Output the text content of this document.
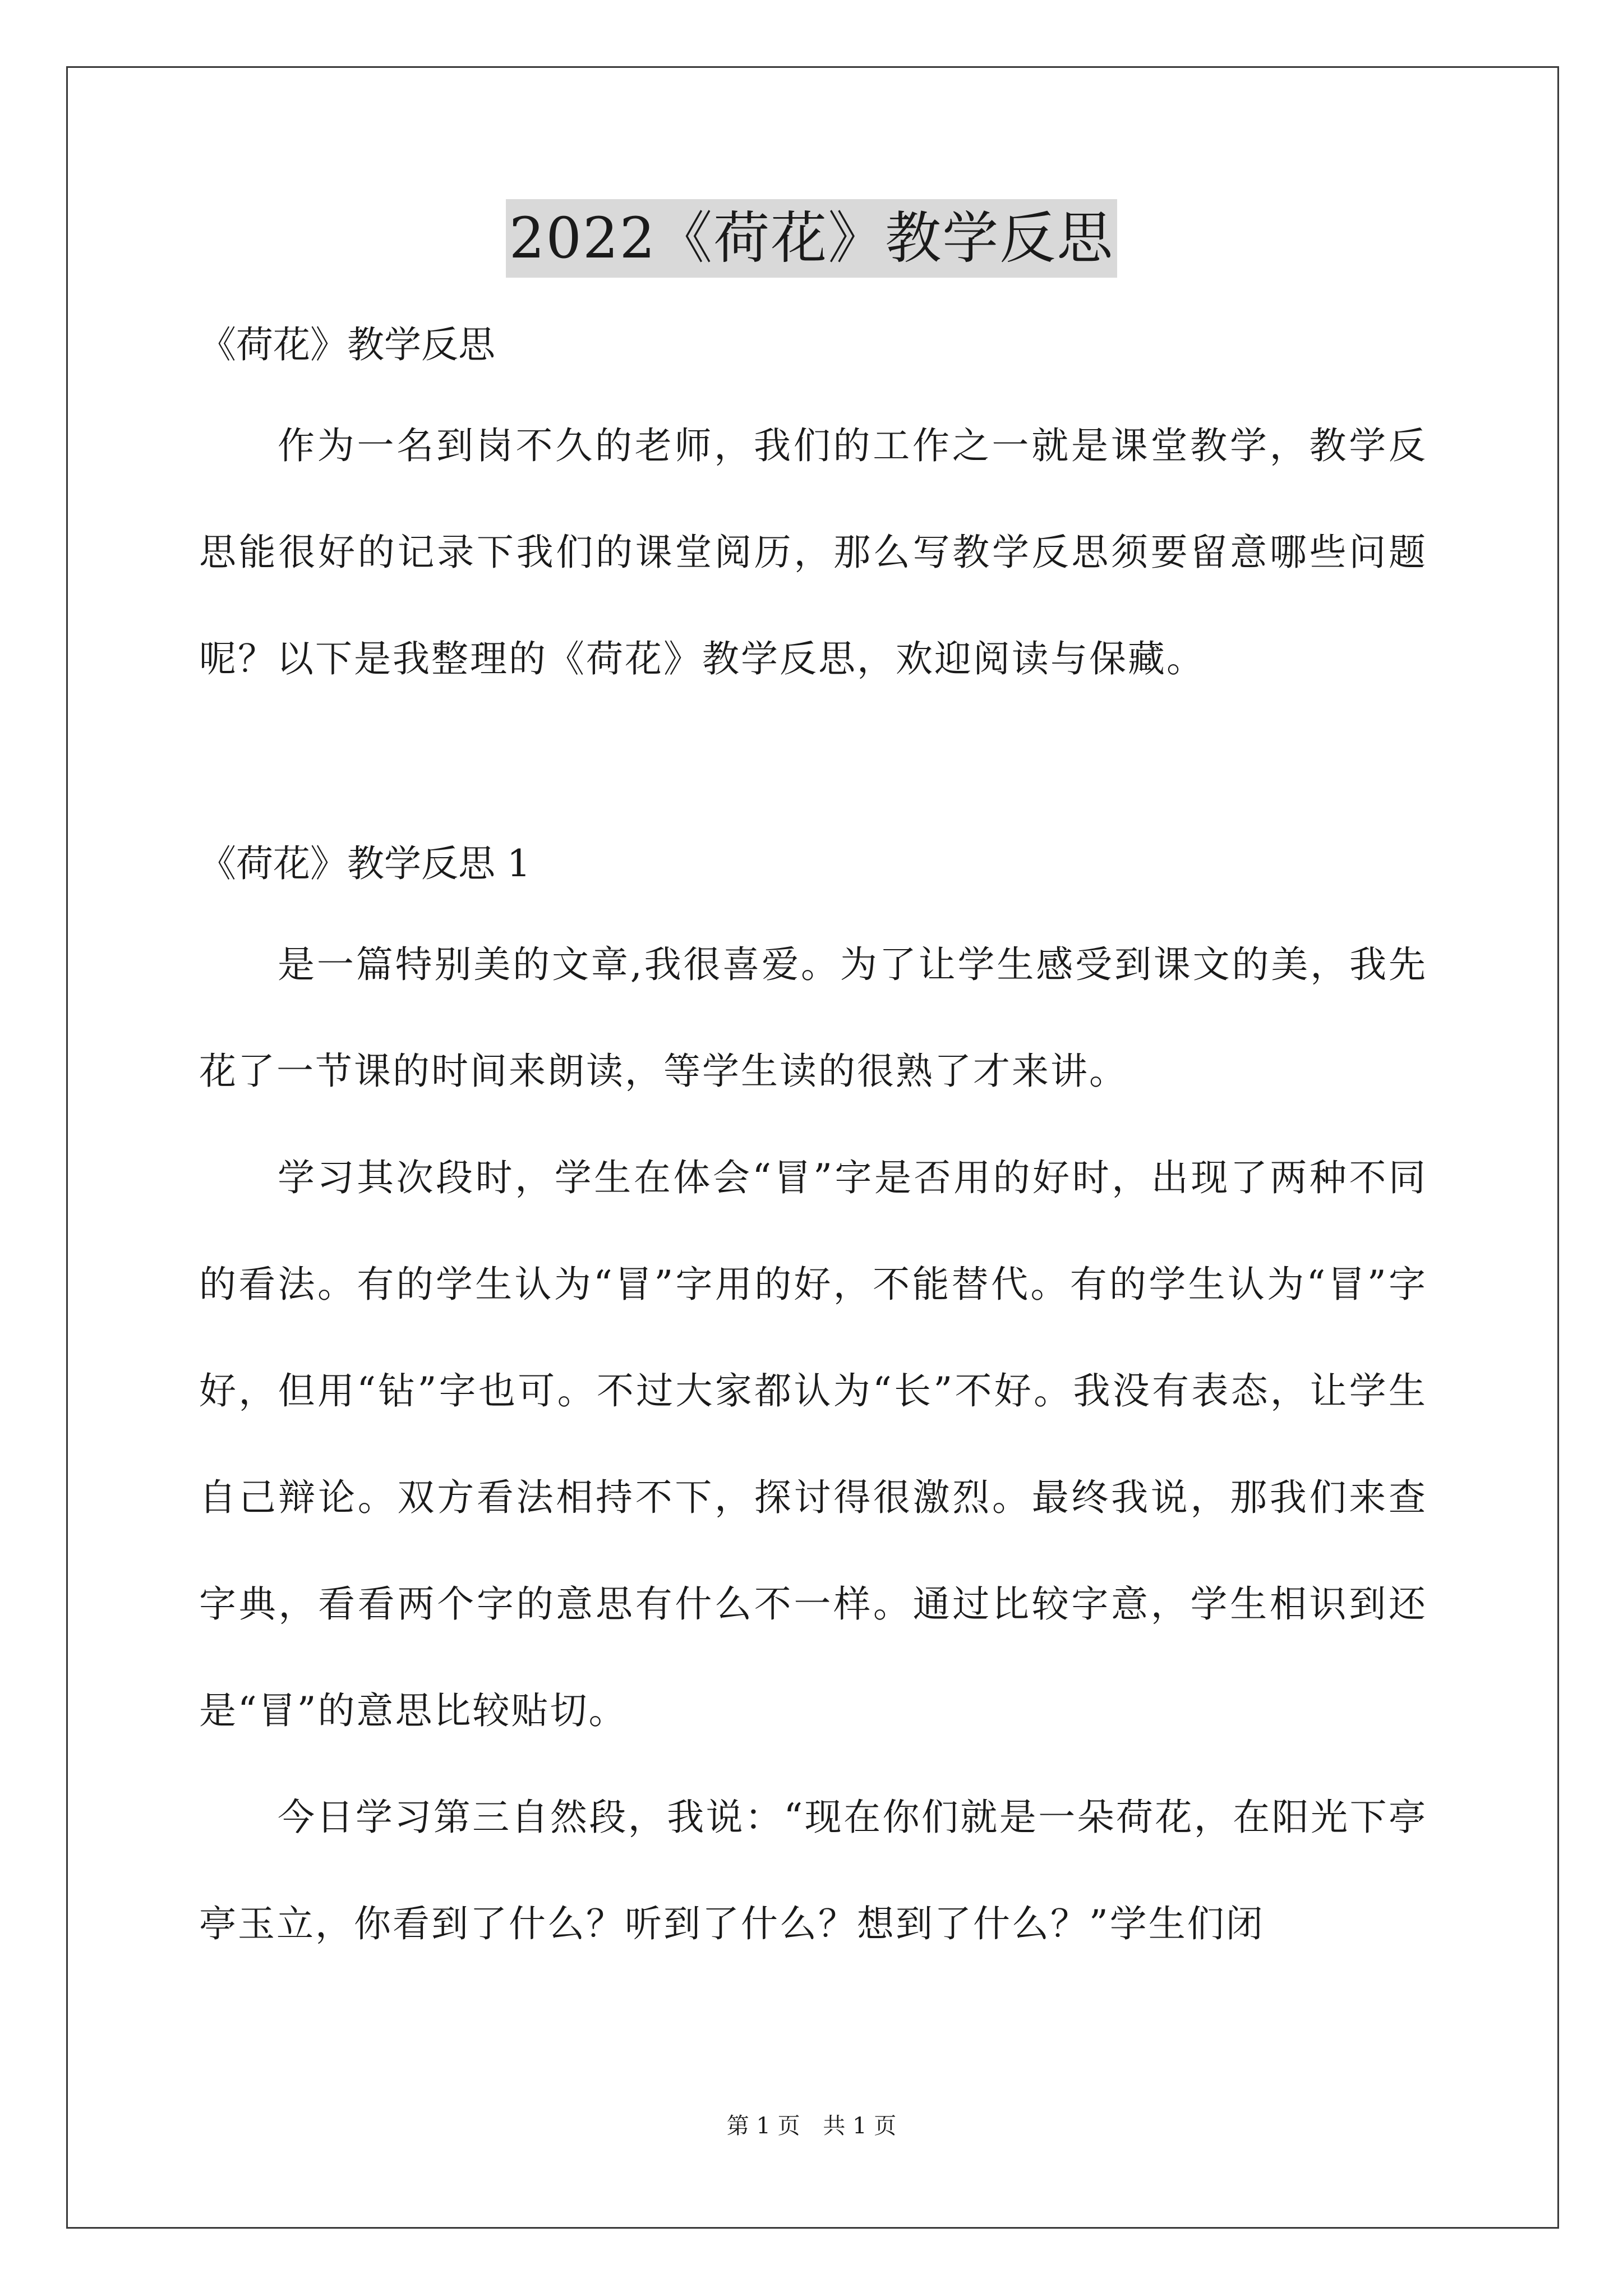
2022《荷花》教学反思

《荷花》教学反思

作为一名到岗不久的老师，我们的工作之一就是课堂教学，教学反思能很好的记录下我们的课堂阅历，那么写教学反思须要留意哪些问题呢？以下是我整理的《荷花》教学反思，欢迎阅读与保藏。

《荷花》教学反思 1

是一篇特别美的文章,我很喜爱。为了让学生感受到课文的美，我先花了一节课的时间来朗读，等学生读的很熟了才来讲。

学习其次段时，学生在体会“冒”字是否用的好时，出现了两种不同的看法。有的学生认为“冒”字用的好，不能替代。有的学生认为“冒”字好，但用“钻”字也可。不过大家都认为“长”不好。我没有表态，让学生自己辩论。双方看法相持不下，探讨得很激烈。最终我说，那我们来查字典，看看两个字的意思有什么不一样。通过比较字意，学生相识到还是“冒”的意思比较贴切。

今日学习第三自然段，我说：“现在你们就是一朵荷花，在阳光下亭亭玉立，你看到了什么？听到了什么？想到了什么？”学生们闭

第 1 页 共 1 页
